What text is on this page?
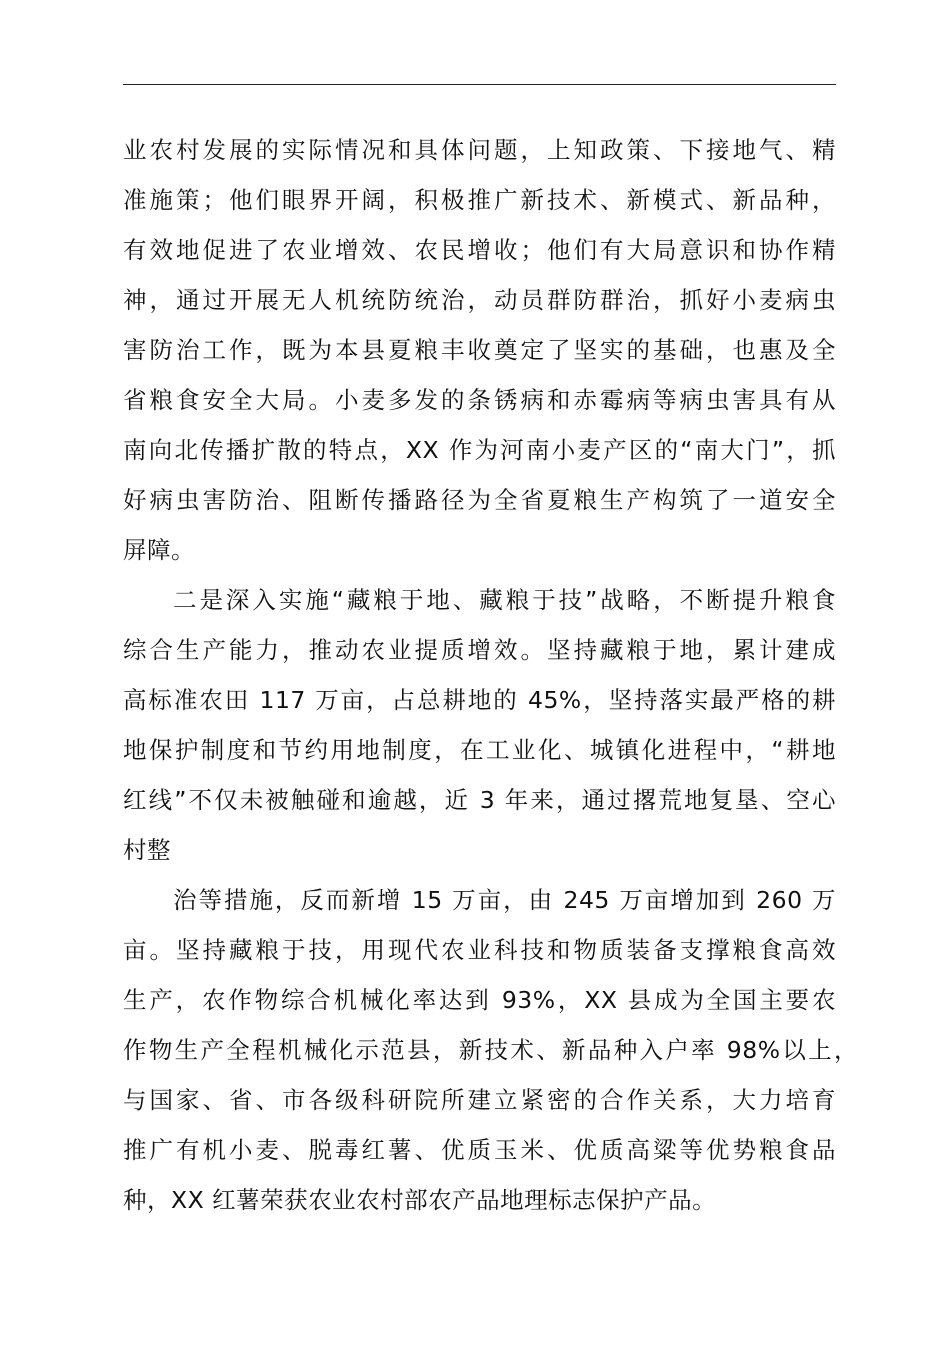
业农村发展的实际情况和具体问题，上知政策、下接地气、精
准施策；他们眼界开阔，积极推广新技术、新模式、新品种，
有效地促进了农业增效、农民增收；他们有大局意识和协作精
神，通过开展无人机统防统治，动员群防群治，抓好小麦病虫
害防治工作，既为本县夏粮丰收奠定了坚实的基础，也惠及全
省粮食安全大局。小麦多发的条锈病和赤霉病等病虫害具有从
南向北传播扩散的特点，XX 作为河南小麦产区的“南大门”，抓
好病虫害防治、阻断传播路径为全省夏粮生产构筑了一道安全
屏障。
二是深入实施“藏粮于地、藏粮于技”战略，不断提升粮食
综合生产能力，推动农业提质增效。坚持藏粮于地，累计建成
高标准农田 117 万亩，占总耕地的 45%，坚持落实最严格的耕
地保护制度和节约用地制度，在工业化、城镇化进程中，“耕地
红线”不仅未被触碰和逾越，近 3 年来，通过撂荒地复垦、空心
村整
治等措施，反而新增 15 万亩，由 245 万亩增加到 260 万
亩。坚持藏粮于技，用现代农业科技和物质装备支撑粮食高效
生产，农作物综合机械化率达到 93%，XX 县成为全国主要农
作物生产全程机械化示范县，新技术、新品种入户率 98%以上，
与国家、省、市各级科研院所建立紧密的合作关系，大力培育
推广有机小麦、脱毒红薯、优质玉米、优质高粱等优势粮食品
种，XX 红薯荣获农业农村部农产品地理标志保护产品。
